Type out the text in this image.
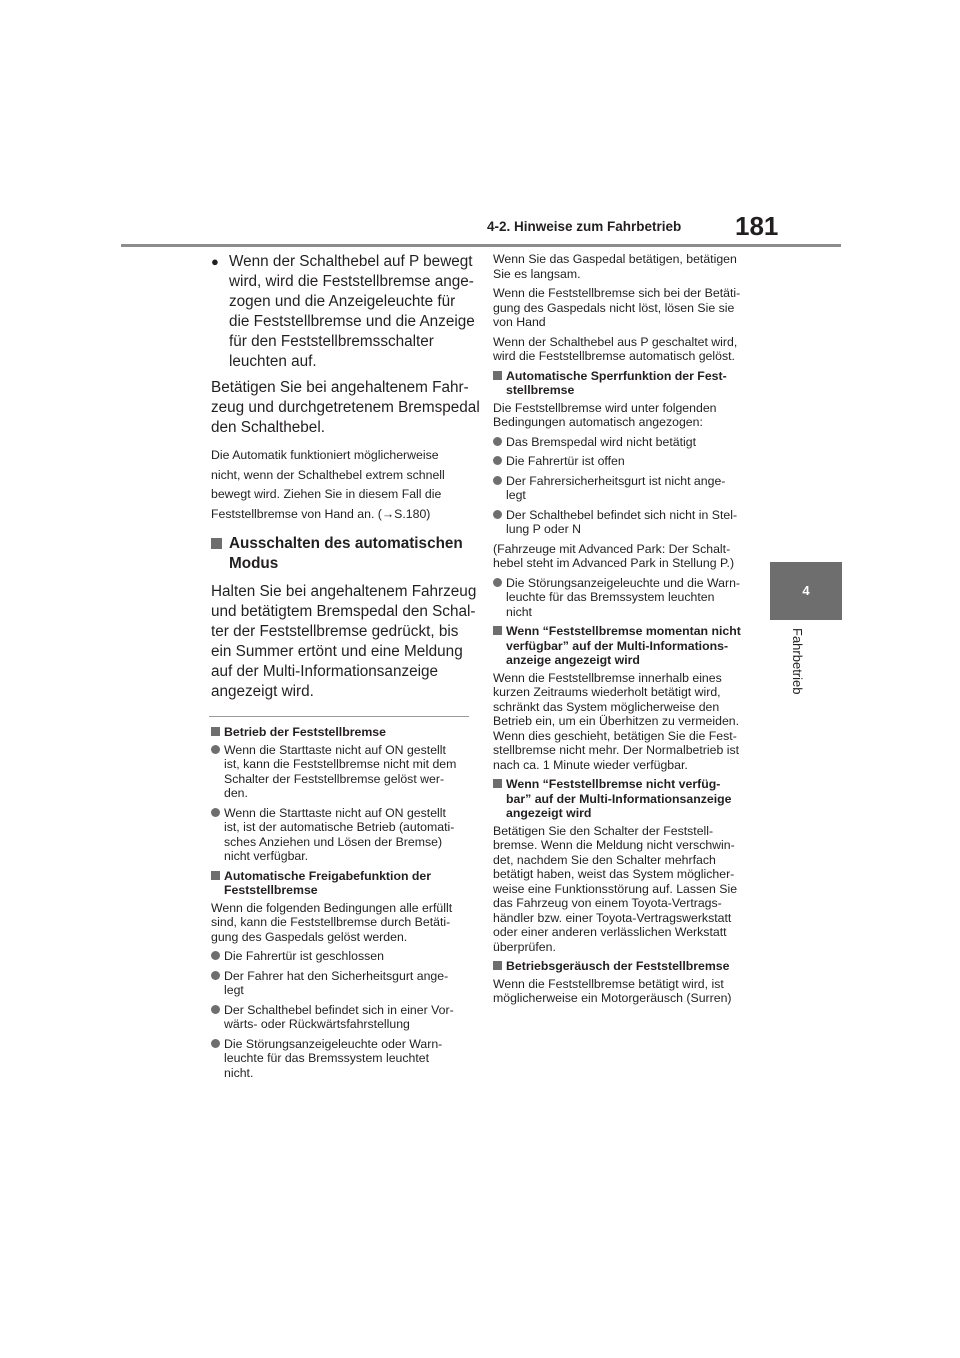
4-2. Hinweise zum Fahrbetrieb 181
4
Fahrbetrieb
● Wenn der Schalthebel auf P bewegt
wird, wird die Feststellbremse ange-
zogen und die Anzeigeleuchte für
die Feststellbremse und die Anzeige
für den Feststellbremsschalter
leuchten auf.
Betätigen Sie bei angehaltenem Fahr-
zeug und durchgetretenem Bremspedal
den Schalthebel.
Die Automatik funktioniert möglicherweise
nicht, wenn der Schalthebel extrem schnell
bewegt wird. Ziehen Sie in diesem Fall die
Feststellbremse von Hand an. (→S.180)
Ausschalten des automatischen
Modus
Halten Sie bei angehaltenem Fahrzeug
und betätigtem Bremspedal den Schal-
ter der Feststellbremse gedrückt, bis
ein Summer ertönt und eine Meldung
auf der Multi-Informationsanzeige
angezeigt wird.
Betrieb der Feststellbremse
Wenn die Starttaste nicht auf ON gestellt
ist, kann die Feststellbremse nicht mit dem
Schalter der Feststellbremse gelöst wer-
den.
Wenn die Starttaste nicht auf ON gestellt
ist, ist der automatische Betrieb (automati-
sches Anziehen und Lösen der Bremse)
nicht verfügbar.
Automatische Freigabefunktion der
Feststellbremse
Wenn die folgenden Bedingungen alle erfüllt
sind, kann die Feststellbremse durch Betäti-
gung des Gaspedals gelöst werden.
Die Fahrertür ist geschlossen
Der Fahrer hat den Sicherheitsgurt ange-
legt
Der Schalthebel befindet sich in einer Vor-
wärts- oder Rückwärtsfahrstellung
Die Störungsanzeigeleuchte oder Warn-
leuchte für das Bremssystem leuchtet
nicht.
Wenn Sie das Gaspedal betätigen, betätigen
Sie es langsam.
Wenn die Feststellbremse sich bei der Betäti-
gung des Gaspedals nicht löst, lösen Sie sie
von Hand
Wenn der Schalthebel aus P geschaltet wird,
wird die Feststellbremse automatisch gelöst.
Automatische Sperrfunktion der Fest-
stellbremse
Die Feststellbremse wird unter folgenden
Bedingungen automatisch angezogen:
Das Bremspedal wird nicht betätigt
Die Fahrertür ist offen
Der Fahrersicherheitsgurt ist nicht ange-
legt
Der Schalthebel befindet sich nicht in Stel-
lung P oder N
(Fahrzeuge mit Advanced Park: Der Schalt-
hebel steht im Advanced Park in Stellung P.)
Die Störungsanzeigeleuchte und die Warn-
leuchte für das Bremssystem leuchten
nicht
Wenn “Feststellbremse momentan nicht
verfügbar” auf der Multi-Informations-
anzeige angezeigt wird
Wenn die Feststellbremse innerhalb eines
kurzen Zeitraums wiederholt betätigt wird,
schränkt das System möglicherweise den
Betrieb ein, um ein Überhitzen zu vermeiden.
Wenn dies geschieht, betätigen Sie die Fest-
stellbremse nicht mehr. Der Normalbetrieb ist
nach ca. 1 Minute wieder verfügbar.
Wenn “Feststellbremse nicht verfüg-
bar” auf der Multi-Informationsanzeige
angezeigt wird
Betätigen Sie den Schalter der Feststell-
bremse. Wenn die Meldung nicht verschwin-
det, nachdem Sie den Schalter mehrfach
betätigt haben, weist das System möglicher-
weise eine Funktionsstörung auf. Lassen Sie
das Fahrzeug von einem Toyota-Vertrags-
händler bzw. einer Toyota-Vertragswerkstatt
oder einer anderen verlässlichen Werkstatt
überprüfen.
Betriebsgeräusch der Feststellbremse
Wenn die Feststellbremse betätigt wird, ist
möglicherweise ein Motorgeräusch (Surren)
